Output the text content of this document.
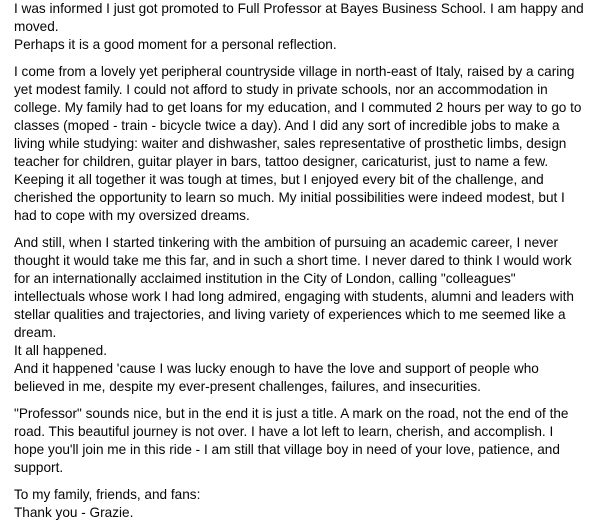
I was informed I just got promoted to Full Professor at Bayes Business School. I am happy and
moved.
Perhaps it is a good moment for a personal reflection.

I come from a lovely yet peripheral countryside village in north-east of Italy, raised by a caring
yet modest family. I could not afford to study in private schools, nor an accommodation in
college. My family had to get loans for my education, and I commuted 2 hours per way to go to
classes (moped - train - bicycle twice a day). And I did any sort of incredible jobs to make a
living while studying: waiter and dishwasher, sales representative of prosthetic limbs, design
teacher for children, guitar player in bars, tattoo designer, caricaturist, just to name a few.
Keeping it all together it was tough at times, but I enjoyed every bit of the challenge, and
cherished the opportunity to learn so much. My initial possibilities were indeed modest, but I
had to cope with my oversized dreams.

And still, when I started tinkering with the ambition of pursuing an academic career, I never
thought it would take me this far, and in such a short time. I never dared to think I would work
for an internationally acclaimed institution in the City of London, calling "colleagues"
intellectuals whose work I had long admired, engaging with students, alumni and leaders with
stellar qualities and trajectories, and living variety of experiences which to me seemed like a
dream.
It all happened.
And it happened 'cause I was lucky enough to have the love and support of people who
believed in me, despite my ever-present challenges, failures, and insecurities.

"Professor" sounds nice, but in the end it is just a title. A mark on the road, not the end of the
road. This beautiful journey is not over. I have a lot left to learn, cherish, and accomplish. I
hope you'll join me in this ride - I am still that village boy in need of your love, patience, and
support.

To my family, friends, and fans:
Thank you - Grazie.
